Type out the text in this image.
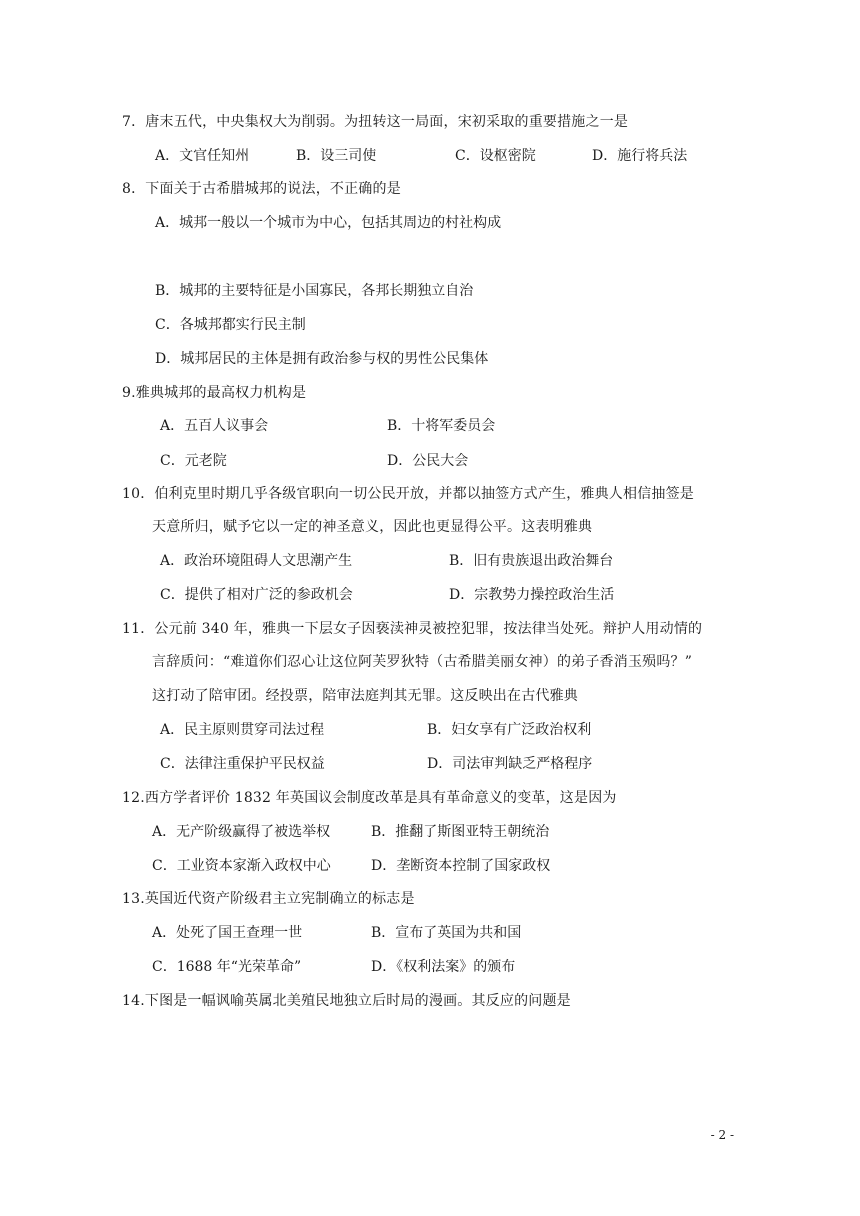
7．唐末五代，中央集权大为削弱。为扭转这一局面，宋初采取的重要措施之一是
A．文官任知州	B．设三司使	C．设枢密院	D．施行将兵法
8．下面关于古希腊城邦的说法，不正确的是
A．城邦一般以一个城市为中心，包括其周边的村社构成
B．城邦的主要特征是小国寡民，各邦长期独立自治
C．各城邦都实行民主制
D．城邦居民的主体是拥有政治参与权的男性公民集体
9.雅典城邦的最高权力机构是
A．五百人议事会	B．十将军委员会
C．元老院	D．公民大会
10．伯利克里时期几乎各级官职向一切公民开放，并都以抽签方式产生，雅典人相信抽签是
天意所归，赋予它以一定的神圣意义，因此也更显得公平。这表明雅典
A．政治环境阻碍人文思潮产生	B．旧有贵族退出政治舞台
C．提供了相对广泛的参政机会	D．宗教势力操控政治生活
11．公元前 340 年，雅典一下层女子因亵渎神灵被控犯罪，按法律当处死。辩护人用动情的
言辞质问：“难道你们忍心让这位阿芙罗狄特（古希腊美丽女神）的弟子香消玉殒吗？”
这打动了陪审团。经投票，陪审法庭判其无罪。这反映出在古代雅典
A．民主原则贯穿司法过程	B．妇女享有广泛政治权利
C．法律注重保护平民权益	D．司法审判缺乏严格程序
12.西方学者评价 1832 年英国议会制度改革是具有革命意义的变革，这是因为
A．无产阶级赢得了被选举权	B．推翻了斯图亚特王朝统治
C．工业资本家渐入政权中心	D．垄断资本控制了国家政权
13.英国近代资产阶级君主立宪制确立的标志是
A．处死了国王查理一世	B．宣布了英国为共和国
C．1688 年“光荣革命”	D．《权利法案》的颁布
14.下图是一幅讽喻英属北美殖民地独立后时局的漫画。其反应的问题是
- 2 -
